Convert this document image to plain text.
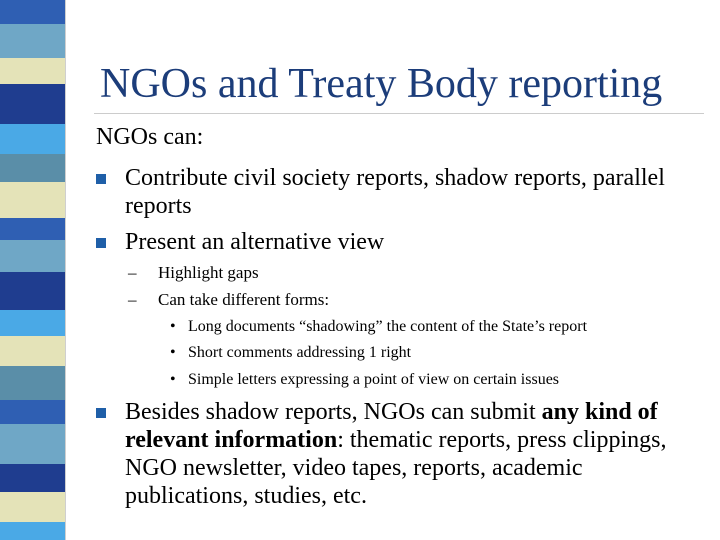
NGOs and Treaty Body reporting
NGOs can:
Contribute civil society reports, shadow reports, parallel reports
Present an alternative view
– Highlight gaps
– Can take different forms:
• Long documents “shadowing” the content of the State’s report
• Short comments addressing 1 right
• Simple letters expressing a point of view on certain issues
Besides shadow reports, NGOs can submit any kind of relevant information: thematic reports, press clippings, NGO newsletter, video tapes, reports, academic publications, studies, etc.
